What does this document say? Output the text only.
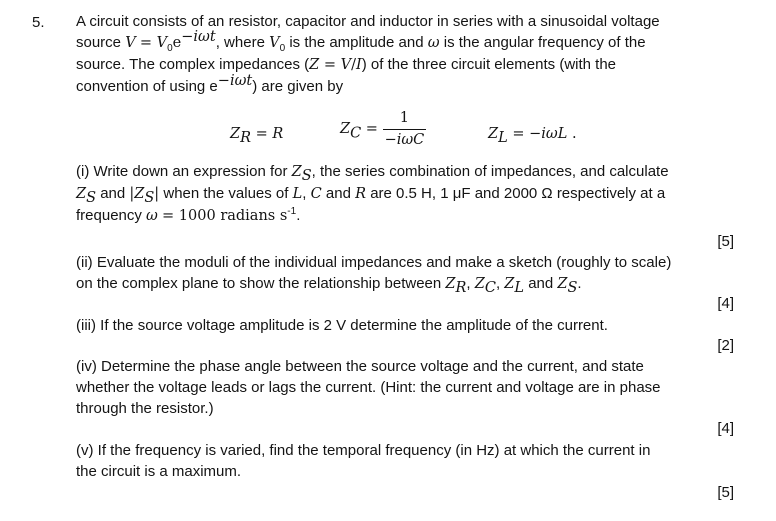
5. A circuit consists of an resistor, capacitor and inductor in series with a sinusoidal voltage
source $V = V_0e^{-i\omega t}$, where $V_0$ is the amplitude and ω is the angular frequency of the
source. The complex impedances (Z = V/I) of the three circuit elements (with the
convention of using $e^{-i\omega t}$) are given by
$Z_R = R$	$Z_C = \frac{1}{\text{−iωC}}$	$Z_L = -i\omega L$ .
(i) Write down an expression for $Z_S$, the series combination of impedances, and calculate
$Z_S$ and $|Z_S|$ when the values of L, C and R are 0.5 H, 1 μF and 2000 Ω respectively at a
frequency ω = 1000 radians $s^{-1}$.
[5]
(ii) Evaluate the moduli of the individual impedances and make a sketch (roughly to scale)
on the complex plane to show the relationship between $Z_R$, $Z_C$, $Z_L$ and $Z_S$.
[4]
(iii) If the source voltage amplitude is 2 V determine the amplitude of the current.
[2]
(iv) Determine the phase angle between the source voltage and the current, and state
whether the voltage leads or lags the current. (Hint: the current and voltage are in phase
through the resistor.)
[4]
(v) If the frequency is varied, find the temporal frequency (in Hz) at which the current in
the circuit is a maximum.
[5]
